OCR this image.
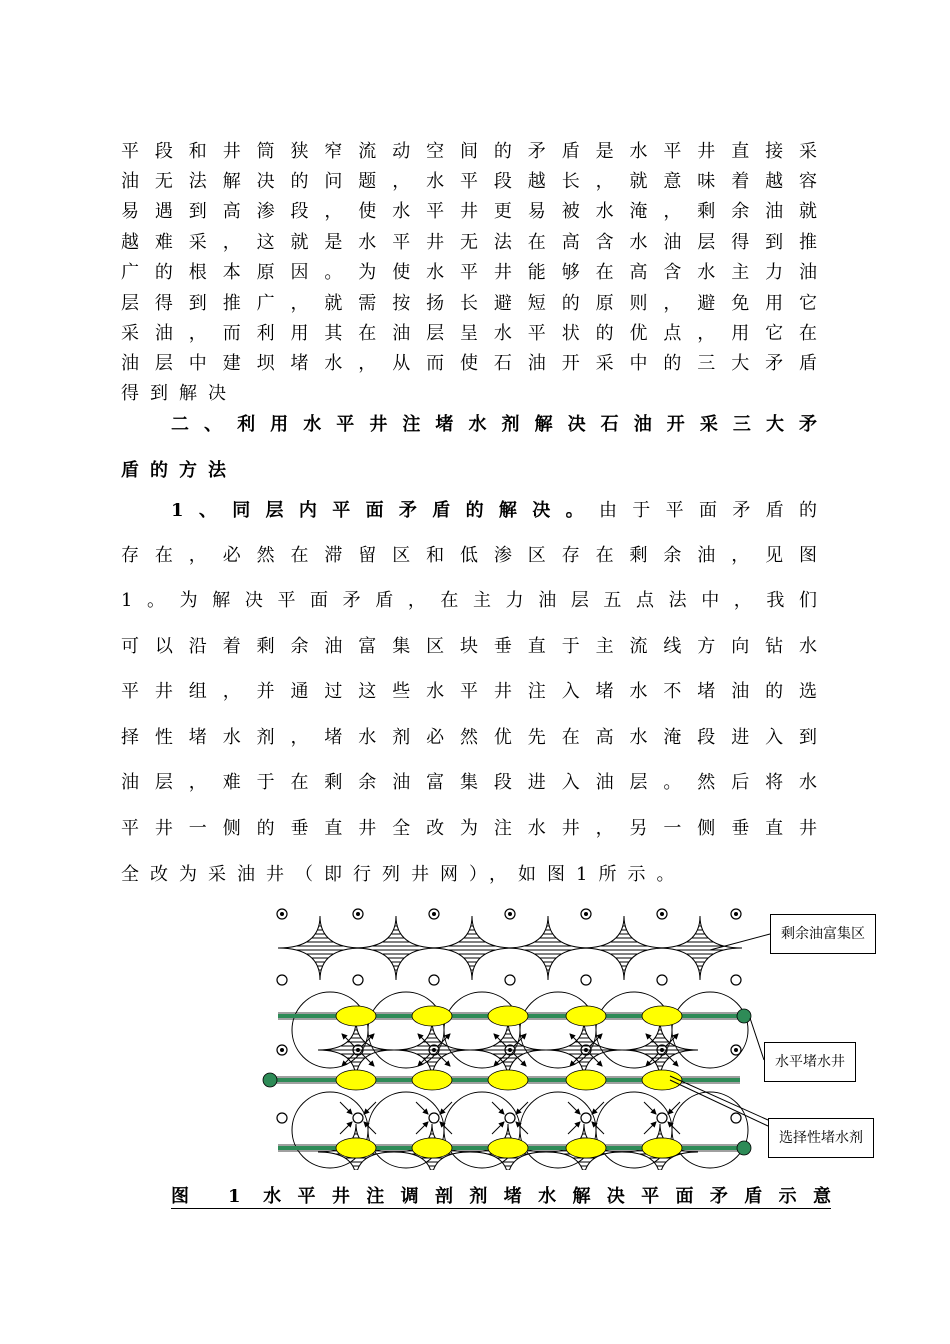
平段和井筒狭窄流动空间的矛盾是水平井直接采
油无法解决的问题，水平段越长，就意味着越容
易遇到高渗段，使水平井更易被水淹，剩余油就
越难采，这就是水平井无法在高含水油层得到推
广的根本原因。为使水平井能够在高含水主力油
层得到推广，就需按扬长避短的原则，避免用它
采油，而利用其在油层呈水平状的优点，用它在
油层中建坝堵水，从而使石油开采中的三大矛盾
得到解决
二、利用水平井注堵水剂解决石油开采三大矛
盾的方法
1、同层内平面矛盾的解决。由于平面矛盾的
存在，必然在滞留区和低渗区存在剩余油，见图
1。为解决平面矛盾，在主力油层五点法中，我们
可以沿着剩余油富集区块垂直于主流线方向钻水
平井组，并通过这些水平井注入堵水不堵油的选
择性堵水剂，堵水剂必然优先在高水淹段进入到
油层，难于在剩余油富集段进入油层。然后将水
平井一侧的垂直井全改为注水井，另一侧垂直井
全改为采油井（即行列井网），如图1所示。
剩余油富集区
水平堵水井
选择性堵水剂
图 1 水平井注调剖剂堵水解决平面矛盾示意
